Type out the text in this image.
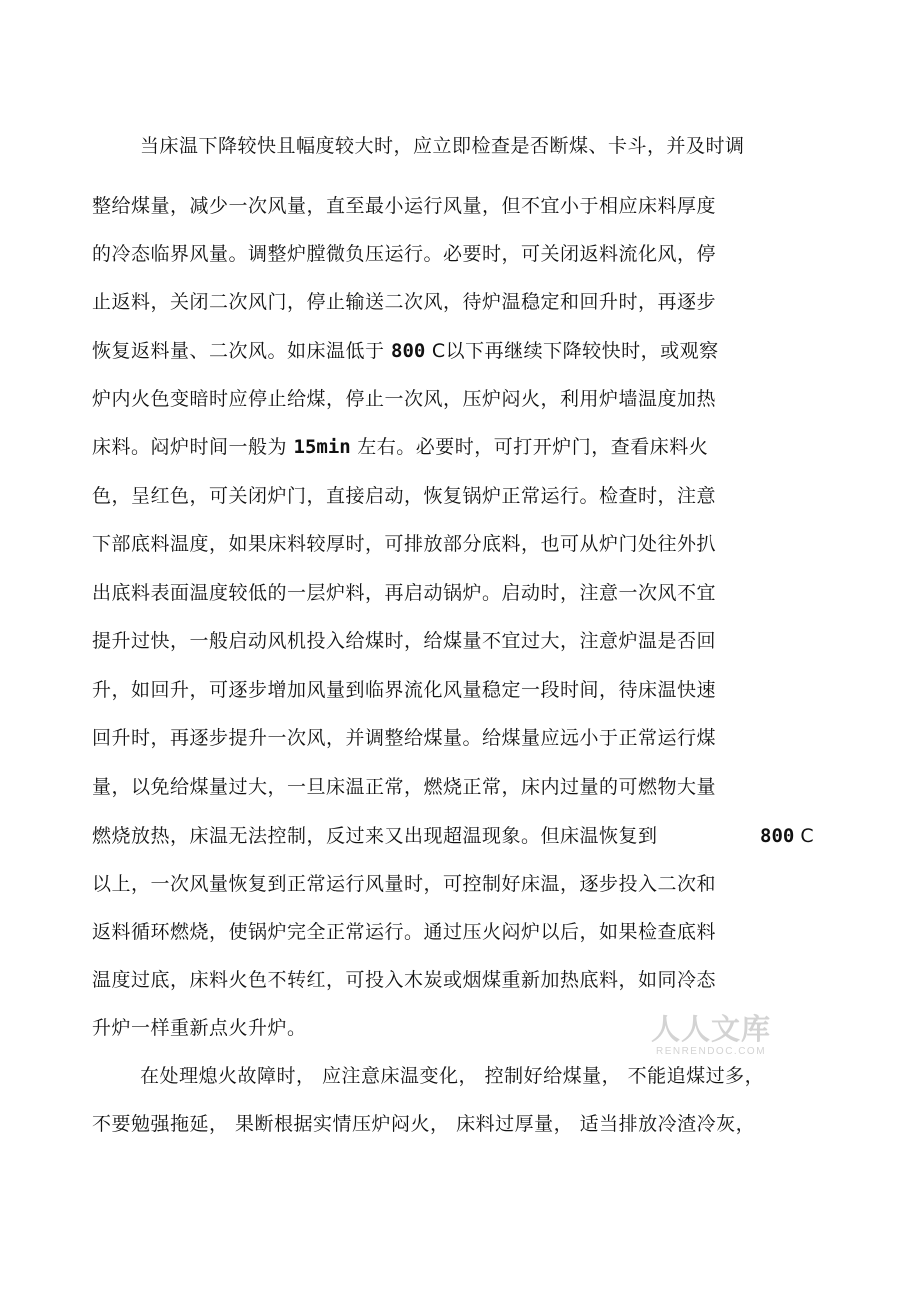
当床温下降较快且幅度较大时，应立即检查是否断煤、卡斗，并及时调
整给煤量，减少一次风量，直至最小运行风量，但不宜小于相应床料厚度
的冷态临界风量。调整炉膛微负压运行。必要时，可关闭返料流化风，停
止返料，关闭二次风门，停止输送二次风，待炉温稳定和回升时，再逐步
恢复返料量、二次风。如床温低于 800 C以下再继续下降较快时，或观察
炉内火色变暗时应停止给煤，停止一次风，压炉闷火，利用炉墙温度加热
床料。闷炉时间一般为 15min 左右。必要时，可打开炉门，查看床料火
色，呈红色，可关闭炉门，直接启动，恢复锅炉正常运行。检查时，注意
下部底料温度，如果床料较厚时，可排放部分底料，也可从炉门处往外扒
出底料表面温度较低的一层炉料，再启动锅炉。启动时，注意一次风不宜
提升过快，一般启动风机投入给煤时，给煤量不宜过大，注意炉温是否回
升，如回升，可逐步增加风量到临界流化风量稳定一段时间，待床温快速
回升时，再逐步提升一次风，并调整给煤量。给煤量应远小于正常运行煤
量，以免给煤量过大，一旦床温正常，燃烧正常，床内过量的可燃物大量
燃烧放热，床温无法控制，反过来又出现超温现象。但床温恢复到	800 C
以上，一次风量恢复到正常运行风量时，可控制好床温，逐步投入二次和
返料循环燃烧，使锅炉完全正常运行。通过压火闷炉以后，如果检查底料
温度过底，床料火色不转红，可投入木炭或烟煤重新加热底料，如同冷态
升炉一样重新点火升炉。
在处理熄火故障时， 应注意床温变化， 控制好给煤量， 不能追煤过多，
不要勉强拖延， 果断根据实情压炉闷火， 床料过厚量， 适当排放冷渣冷灰，
人人文库
RENRENDOC.COM
